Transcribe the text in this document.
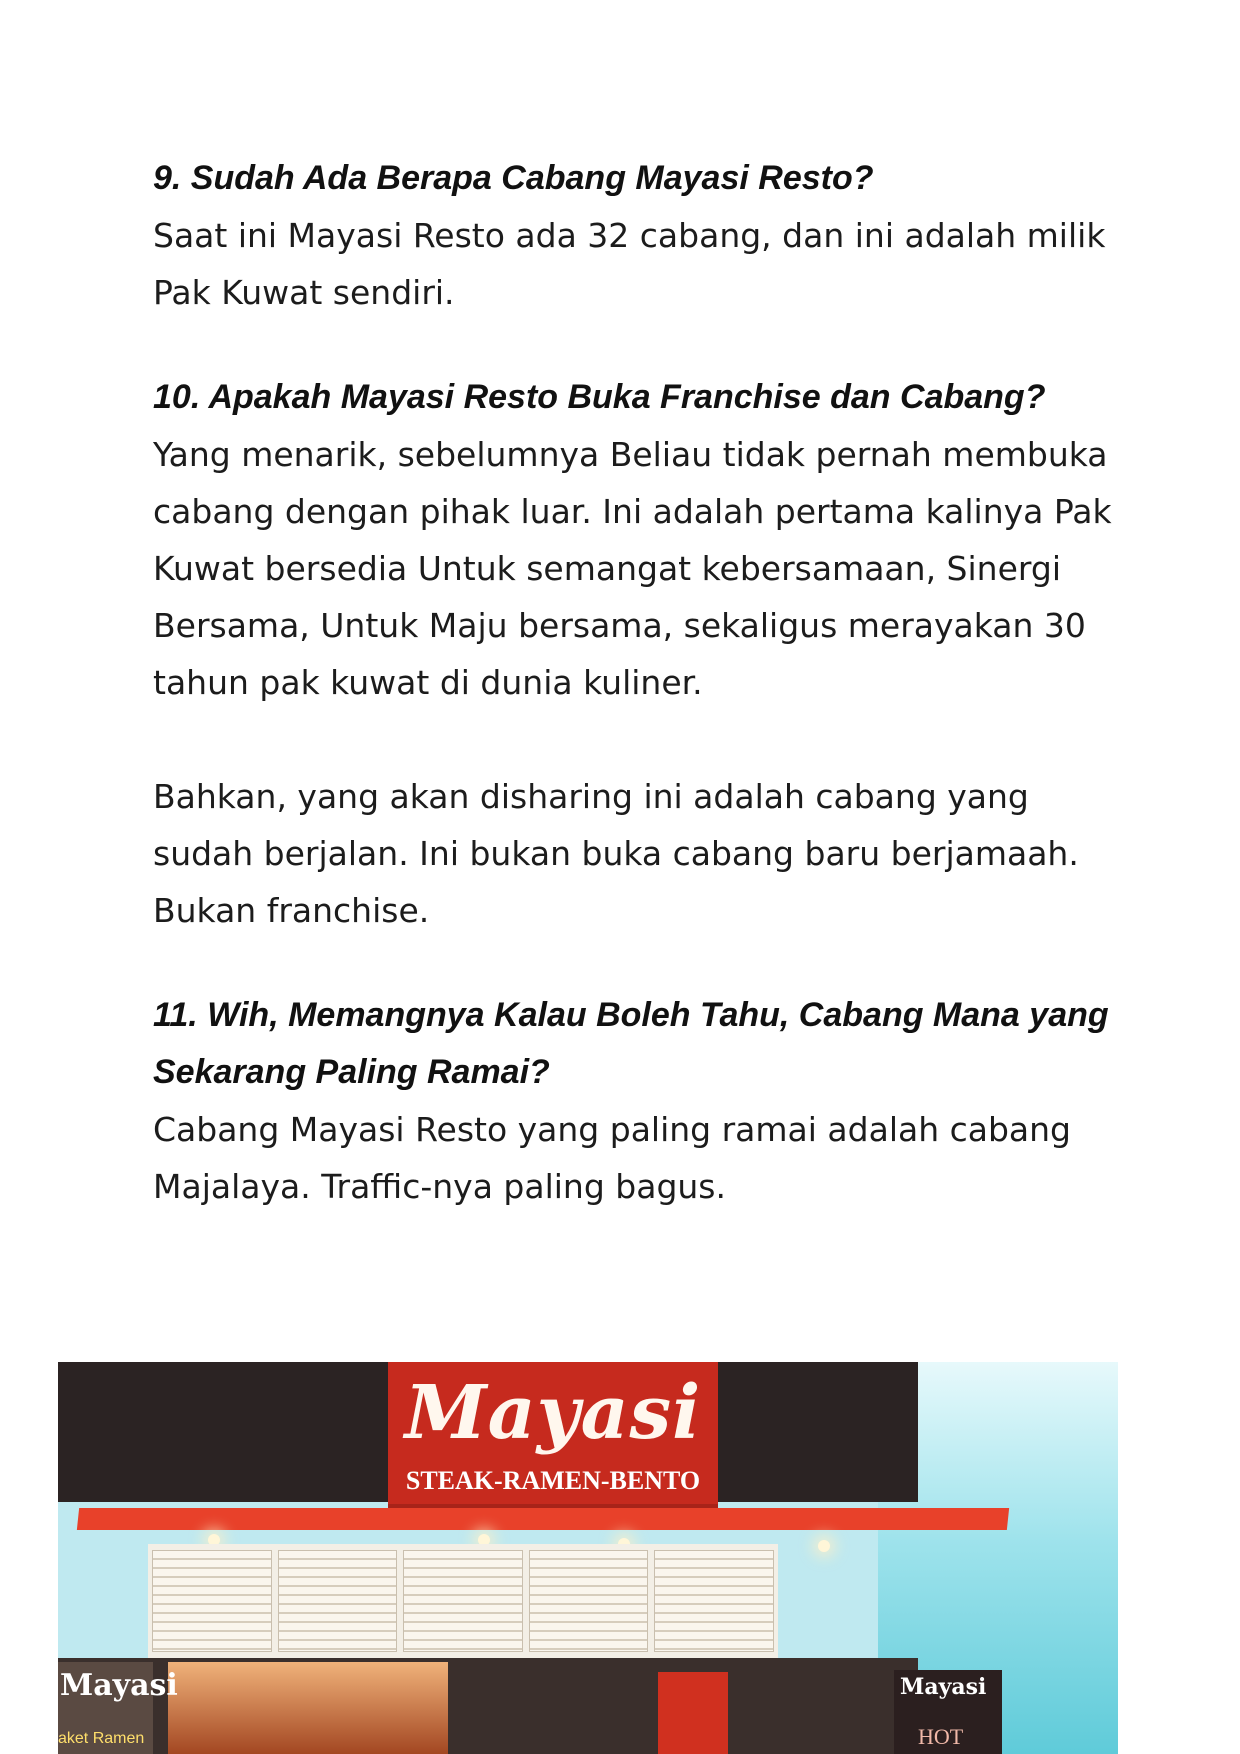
9. Sudah Ada Berapa Cabang Mayasi Resto?

Saat ini Mayasi Resto ada 32 cabang, dan ini adalah milik Pak Kuwat sendiri.

10. Apakah Mayasi Resto Buka Franchise dan Cabang?

Yang menarik, sebelumnya Beliau tidak pernah membuka cabang dengan pihak luar. Ini adalah pertama kalinya Pak Kuwat bersedia Untuk semangat kebersamaan, Sinergi Bersama, Untuk Maju bersama, sekaligus merayakan 30 tahun pak kuwat di dunia kuliner.

Bahkan, yang akan disharing ini adalah cabang yang sudah berjalan. Ini bukan buka cabang baru berjamaah. Bukan franchise.

11. Wih, Memangnya Kalau Boleh Tahu, Cabang Mana yang Sekarang Paling Ramai?

Cabang Mayasi Resto yang paling ramai adalah cabang Majalaya. Traffic-nya paling bagus.

Mayasi
STEAK-RAMEN-BENTO
Mayasi
aket Ramen
Mayasi
HOT
